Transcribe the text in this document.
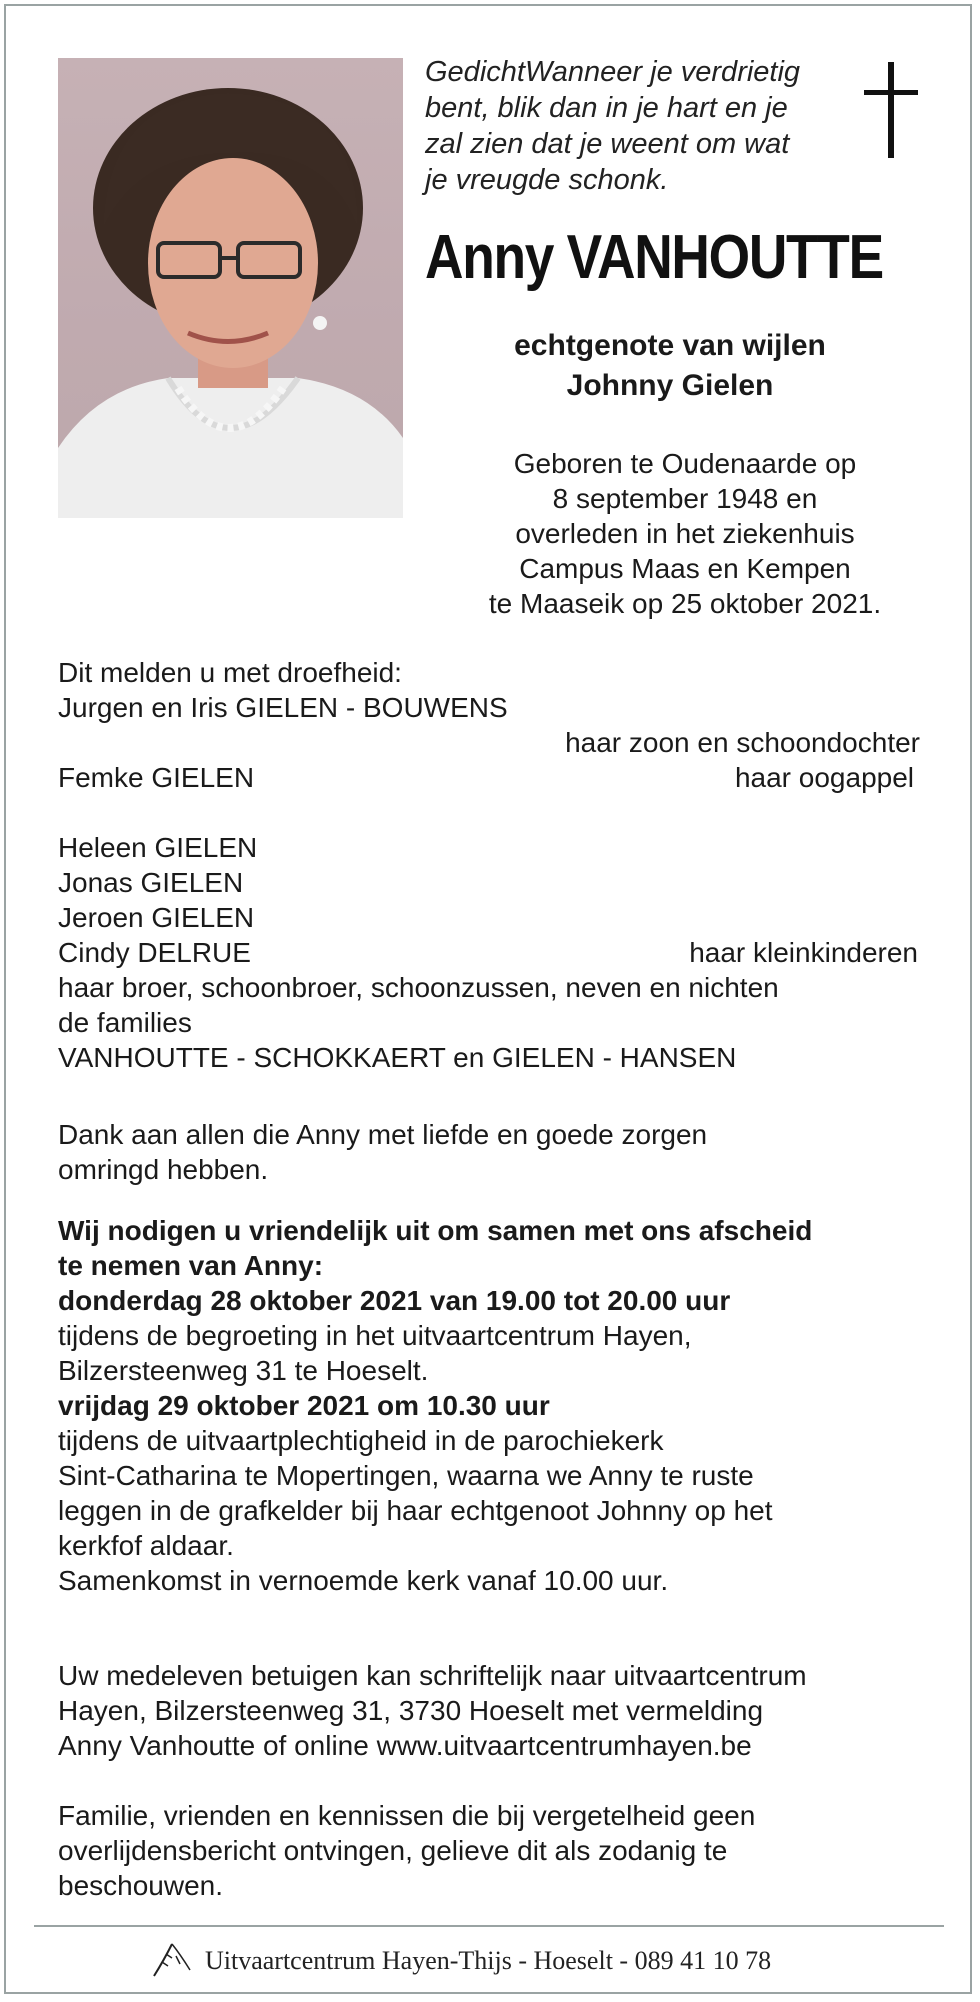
GedichtWanneer je verdrietig
bent, blik dan in je hart en je
zal zien dat je weent om wat
je vreugde schonk.
Anny VANHOUTTE
echtgenote van wijlen
Johnny Gielen
Geboren te Oudenaarde op
8 september 1948 en
overleden in het ziekenhuis
Campus Maas en Kempen
te Maaseik op 25 oktober 2021.
Dit melden u met droefheid:
Jurgen en Iris GIELEN - BOUWENS
haar zoon en schoondochter
Femke GIELEN	haar oogappel
Heleen GIELEN
Jonas GIELEN
Jeroen GIELEN
Cindy DELRUE	haar kleinkinderen
haar broer, schoonbroer, schoonzussen, neven en nichten
de families
VANHOUTTE - SCHOKKAERT en GIELEN - HANSEN
Dank aan allen die Anny met liefde en goede zorgen
omringd hebben.
Wij nodigen u vriendelijk uit om samen met ons afscheid
te nemen van Anny:
donderdag 28 oktober 2021 van 19.00 tot 20.00 uur
tijdens de begroeting in het uitvaartcentrum Hayen,
Bilzersteenweg 31 te Hoeselt.
vrijdag 29 oktober 2021 om 10.30 uur
tijdens de uitvaartplechtigheid in de parochiekerk
Sint-Catharina te Mopertingen, waarna we Anny te ruste
leggen in de grafkelder bij haar echtgenoot Johnny op het
kerkfof aldaar.
Samenkomst in vernoemde kerk vanaf 10.00 uur.
Uw medeleven betuigen kan schriftelijk naar uitvaartcentrum
Hayen, Bilzersteenweg 31, 3730 Hoeselt met vermelding
Anny Vanhoutte of online www.uitvaartcentrumhayen.be
Familie, vrienden en kennissen die bij vergetelheid geen
overlijdensbericht ontvingen, gelieve dit als zodanig te
beschouwen.
Uitvaartcentrum Hayen-Thijs - Hoeselt - 089 41 10 78
